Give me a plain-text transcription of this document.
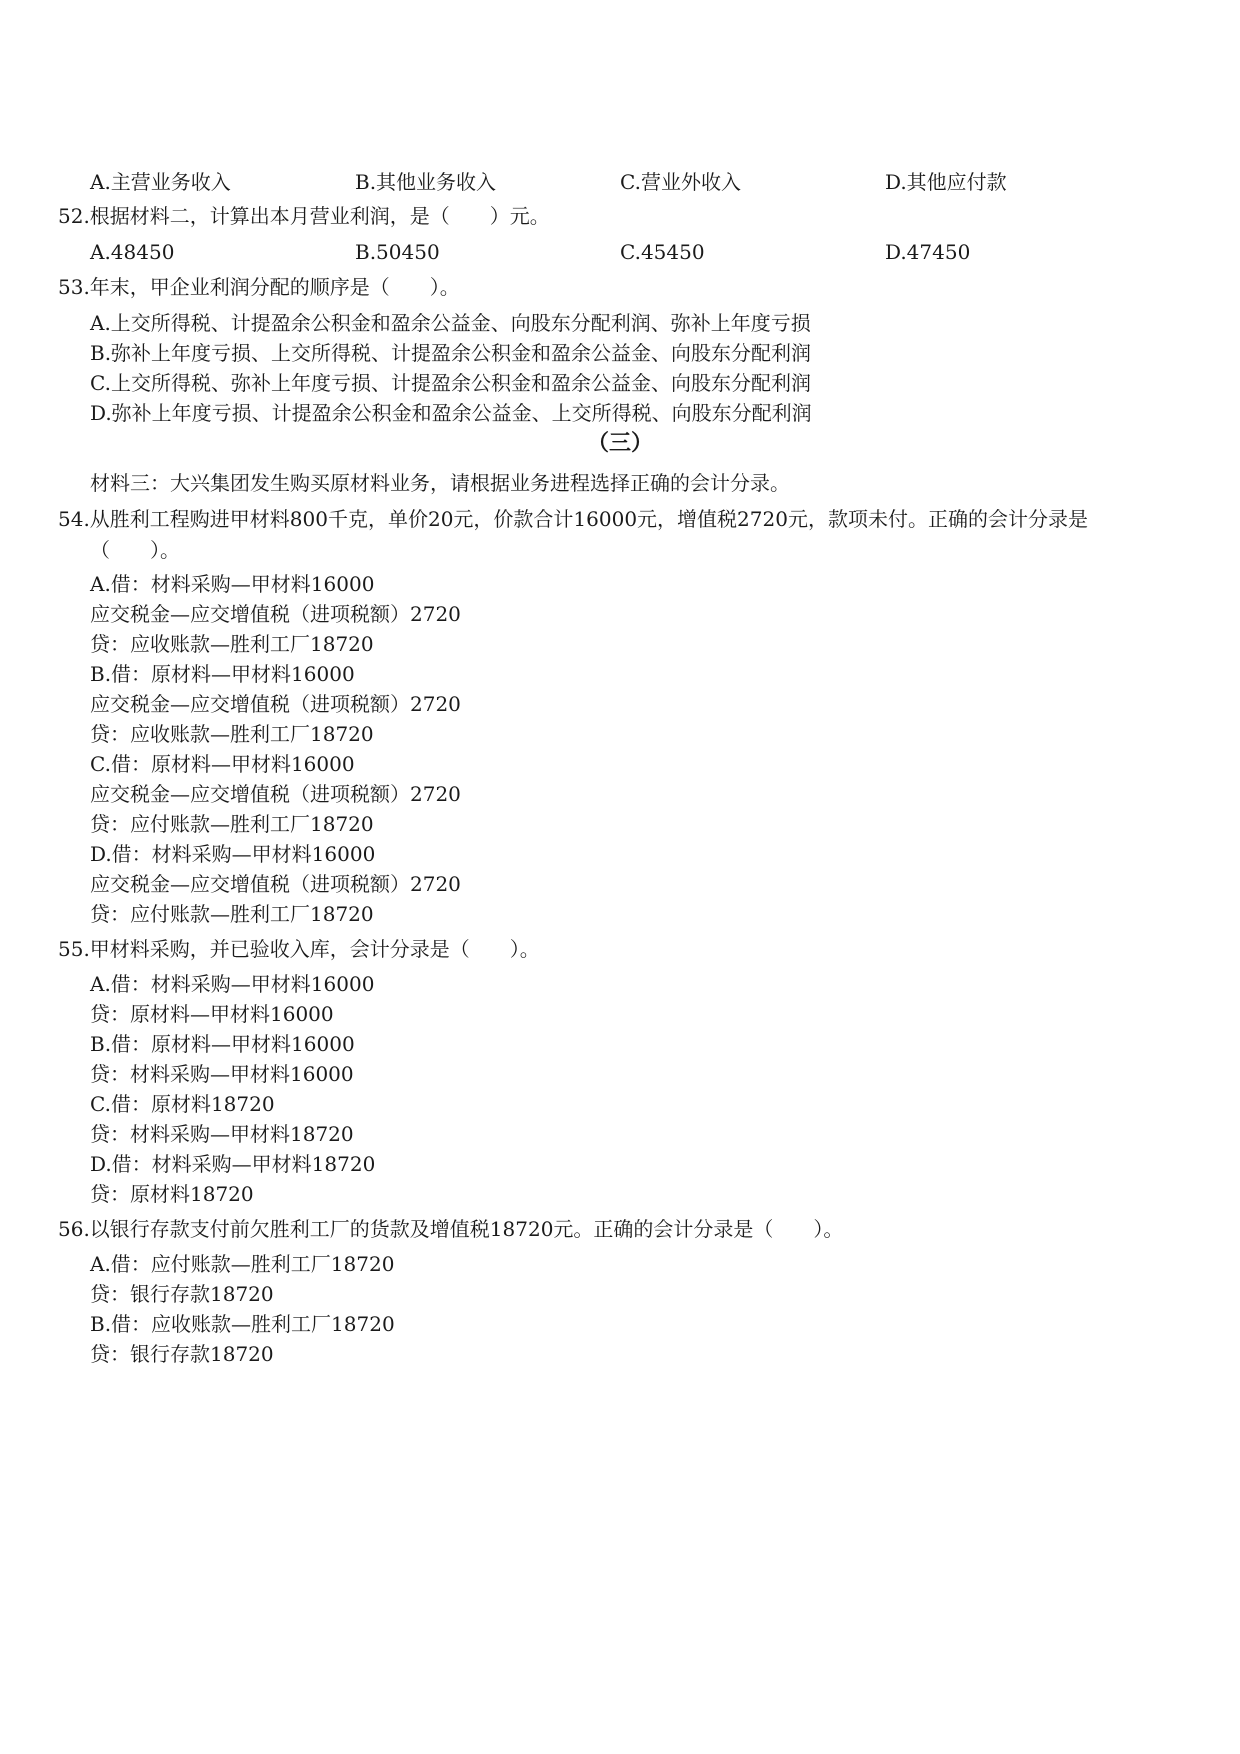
A.主营业务收入	B.其他业务收入	C.营业外收入	D.其他应付款
52.根据材料二，计算出本月营业利润，是（　　）元。
A.48450	B.50450	C.45450	D.47450
53.年末，甲企业利润分配的顺序是（　　）。
A.上交所得税、计提盈余公积金和盈余公益金、向股东分配利润、弥补上年度亏损
B.弥补上年度亏损、上交所得税、计提盈余公积金和盈余公益金、向股东分配利润
C.上交所得税、弥补上年度亏损、计提盈余公积金和盈余公益金、向股东分配利润
D.弥补上年度亏损、计提盈余公积金和盈余公益金、上交所得税、向股东分配利润
（三）
材料三：大兴集团发生购买原材料业务，请根据业务进程选择正确的会计分录。
54.从胜利工程购进甲材料800千克，单价20元，价款合计16000元，增值税2720元，款项未付。正确的会计分录是
（　　）。
A.借：材料采购—甲材料16000
应交税金—应交增值税（进项税额）2720
贷：应收账款—胜利工厂18720
B.借：原材料—甲材料16000
应交税金—应交增值税（进项税额）2720
贷：应收账款—胜利工厂18720
C.借：原材料—甲材料16000
应交税金—应交增值税（进项税额）2720
贷：应付账款—胜利工厂18720
D.借：材料采购—甲材料16000
应交税金—应交增值税（进项税额）2720
贷：应付账款—胜利工厂18720
55.甲材料采购，并已验收入库，会计分录是（　　）。
A.借：材料采购—甲材料16000
贷：原材料—甲材料16000
B.借：原材料—甲材料16000
贷：材料采购—甲材料16000
C.借：原材料18720
贷：材料采购—甲材料18720
D.借：材料采购—甲材料18720
贷：原材料18720
56.以银行存款支付前欠胜利工厂的货款及增值税18720元。正确的会计分录是（　　）。
A.借：应付账款—胜利工厂18720
贷：银行存款18720
B.借：应收账款—胜利工厂18720
贷：银行存款18720
